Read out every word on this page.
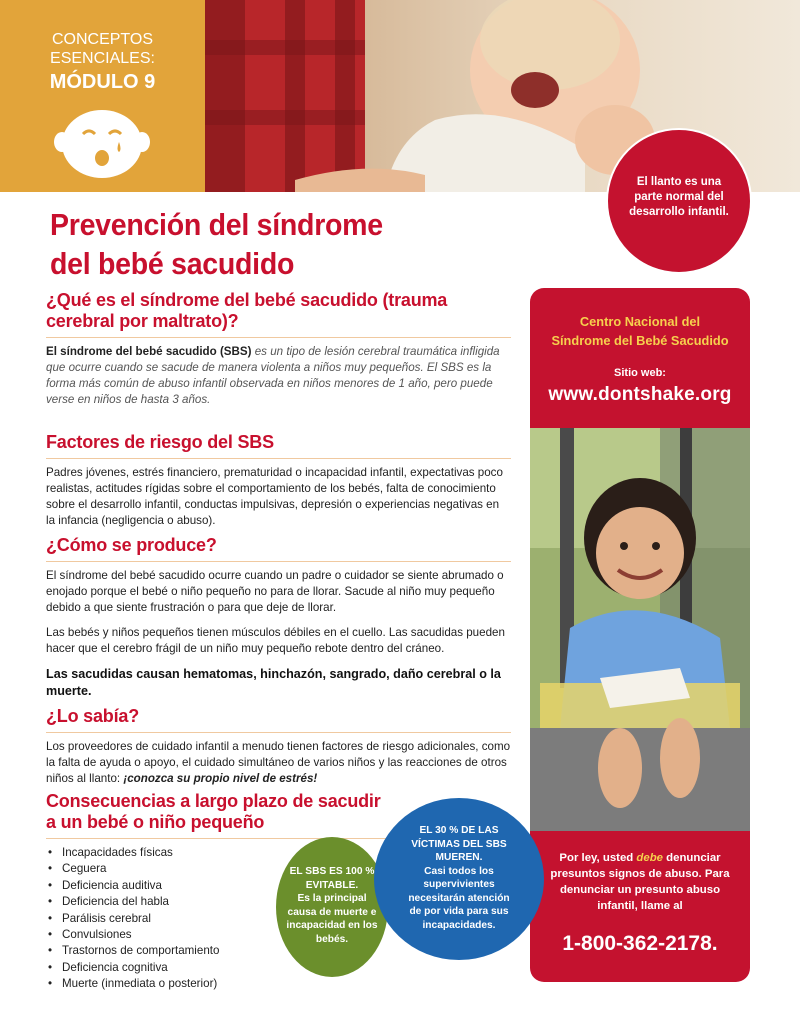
CONCEPTOS
ESENCIALES:
MÓDULO 9
El llanto es una parte normal del desarrollo infantil.
Prevención del síndrome
del bebé sacudido
¿Qué es el síndrome del bebé sacudido (trauma cerebral por maltrato)?

El síndrome del bebé sacudido (SBS) es un tipo de lesión cerebral traumática infligida que ocurre cuando se sacude de manera violenta a niños muy pequeños. El SBS es la forma más común de abuso infantil observada en niños menores de 1 año, pero puede verse en niños de hasta 3 años.

Factores de riesgo del SBS

Padres jóvenes, estrés financiero, prematuridad o incapacidad infantil, expectativas poco realistas, actitudes rígidas sobre el comportamiento de los bebés, falta de conocimiento sobre el desarrollo infantil, conductas impulsivas, depresión o experiencias negativas en la infancia (negligencia o abuso).

¿Cómo se produce?

El síndrome del bebé sacudido ocurre cuando un padre o cuidador se siente abrumado o enojado porque el bebé o niño pequeño no para de llorar. Sacude al niño muy pequeño debido a que siente frustración o para que deje de llorar.

Las bebés y niños pequeños tienen músculos débiles en el cuello. Las sacudidas pueden hacer que el cerebro frágil de un niño muy pequeño rebote dentro del cráneo.

Las sacudidas causan hematomas, hinchazón, sangrado, daño cerebral o la muerte.

¿Lo sabía?

Los proveedores de cuidado infantil a menudo tienen factores de riesgo adicionales, como la falta de ayuda o apoyo, el cuidado simultáneo de varios niños y las reacciones de otros niños al llanto: ¡conozca su propio nivel de estrés!

Consecuencias a largo plazo de sacudir
a un bebé o niño pequeño
• Incapacidades físicas
• Ceguera
• Deficiencia auditiva
• Deficiencia del habla
• Parálisis cerebral
• Convulsiones
• Trastornos de comportamiento
• Deficiencia cognitiva
• Muerte (inmediata o posterior)
Centro Nacional del
Síndrome del Bebé Sacudido
Sitio web:
www.dontshake.org
Por ley, usted debe denunciar presuntos signos de abuso. Para denunciar un presunto abuso infantil, llame al
1-800-362-2178.
EL SBS ES 100 % EVITABLE.
Es la principal causa de muerte e incapacidad en los bebés.
EL 30 % DE LAS VÍCTIMAS DEL SBS MUEREN.
Casi todos los supervivientes necesitarán atención de por vida para sus incapacidades.
